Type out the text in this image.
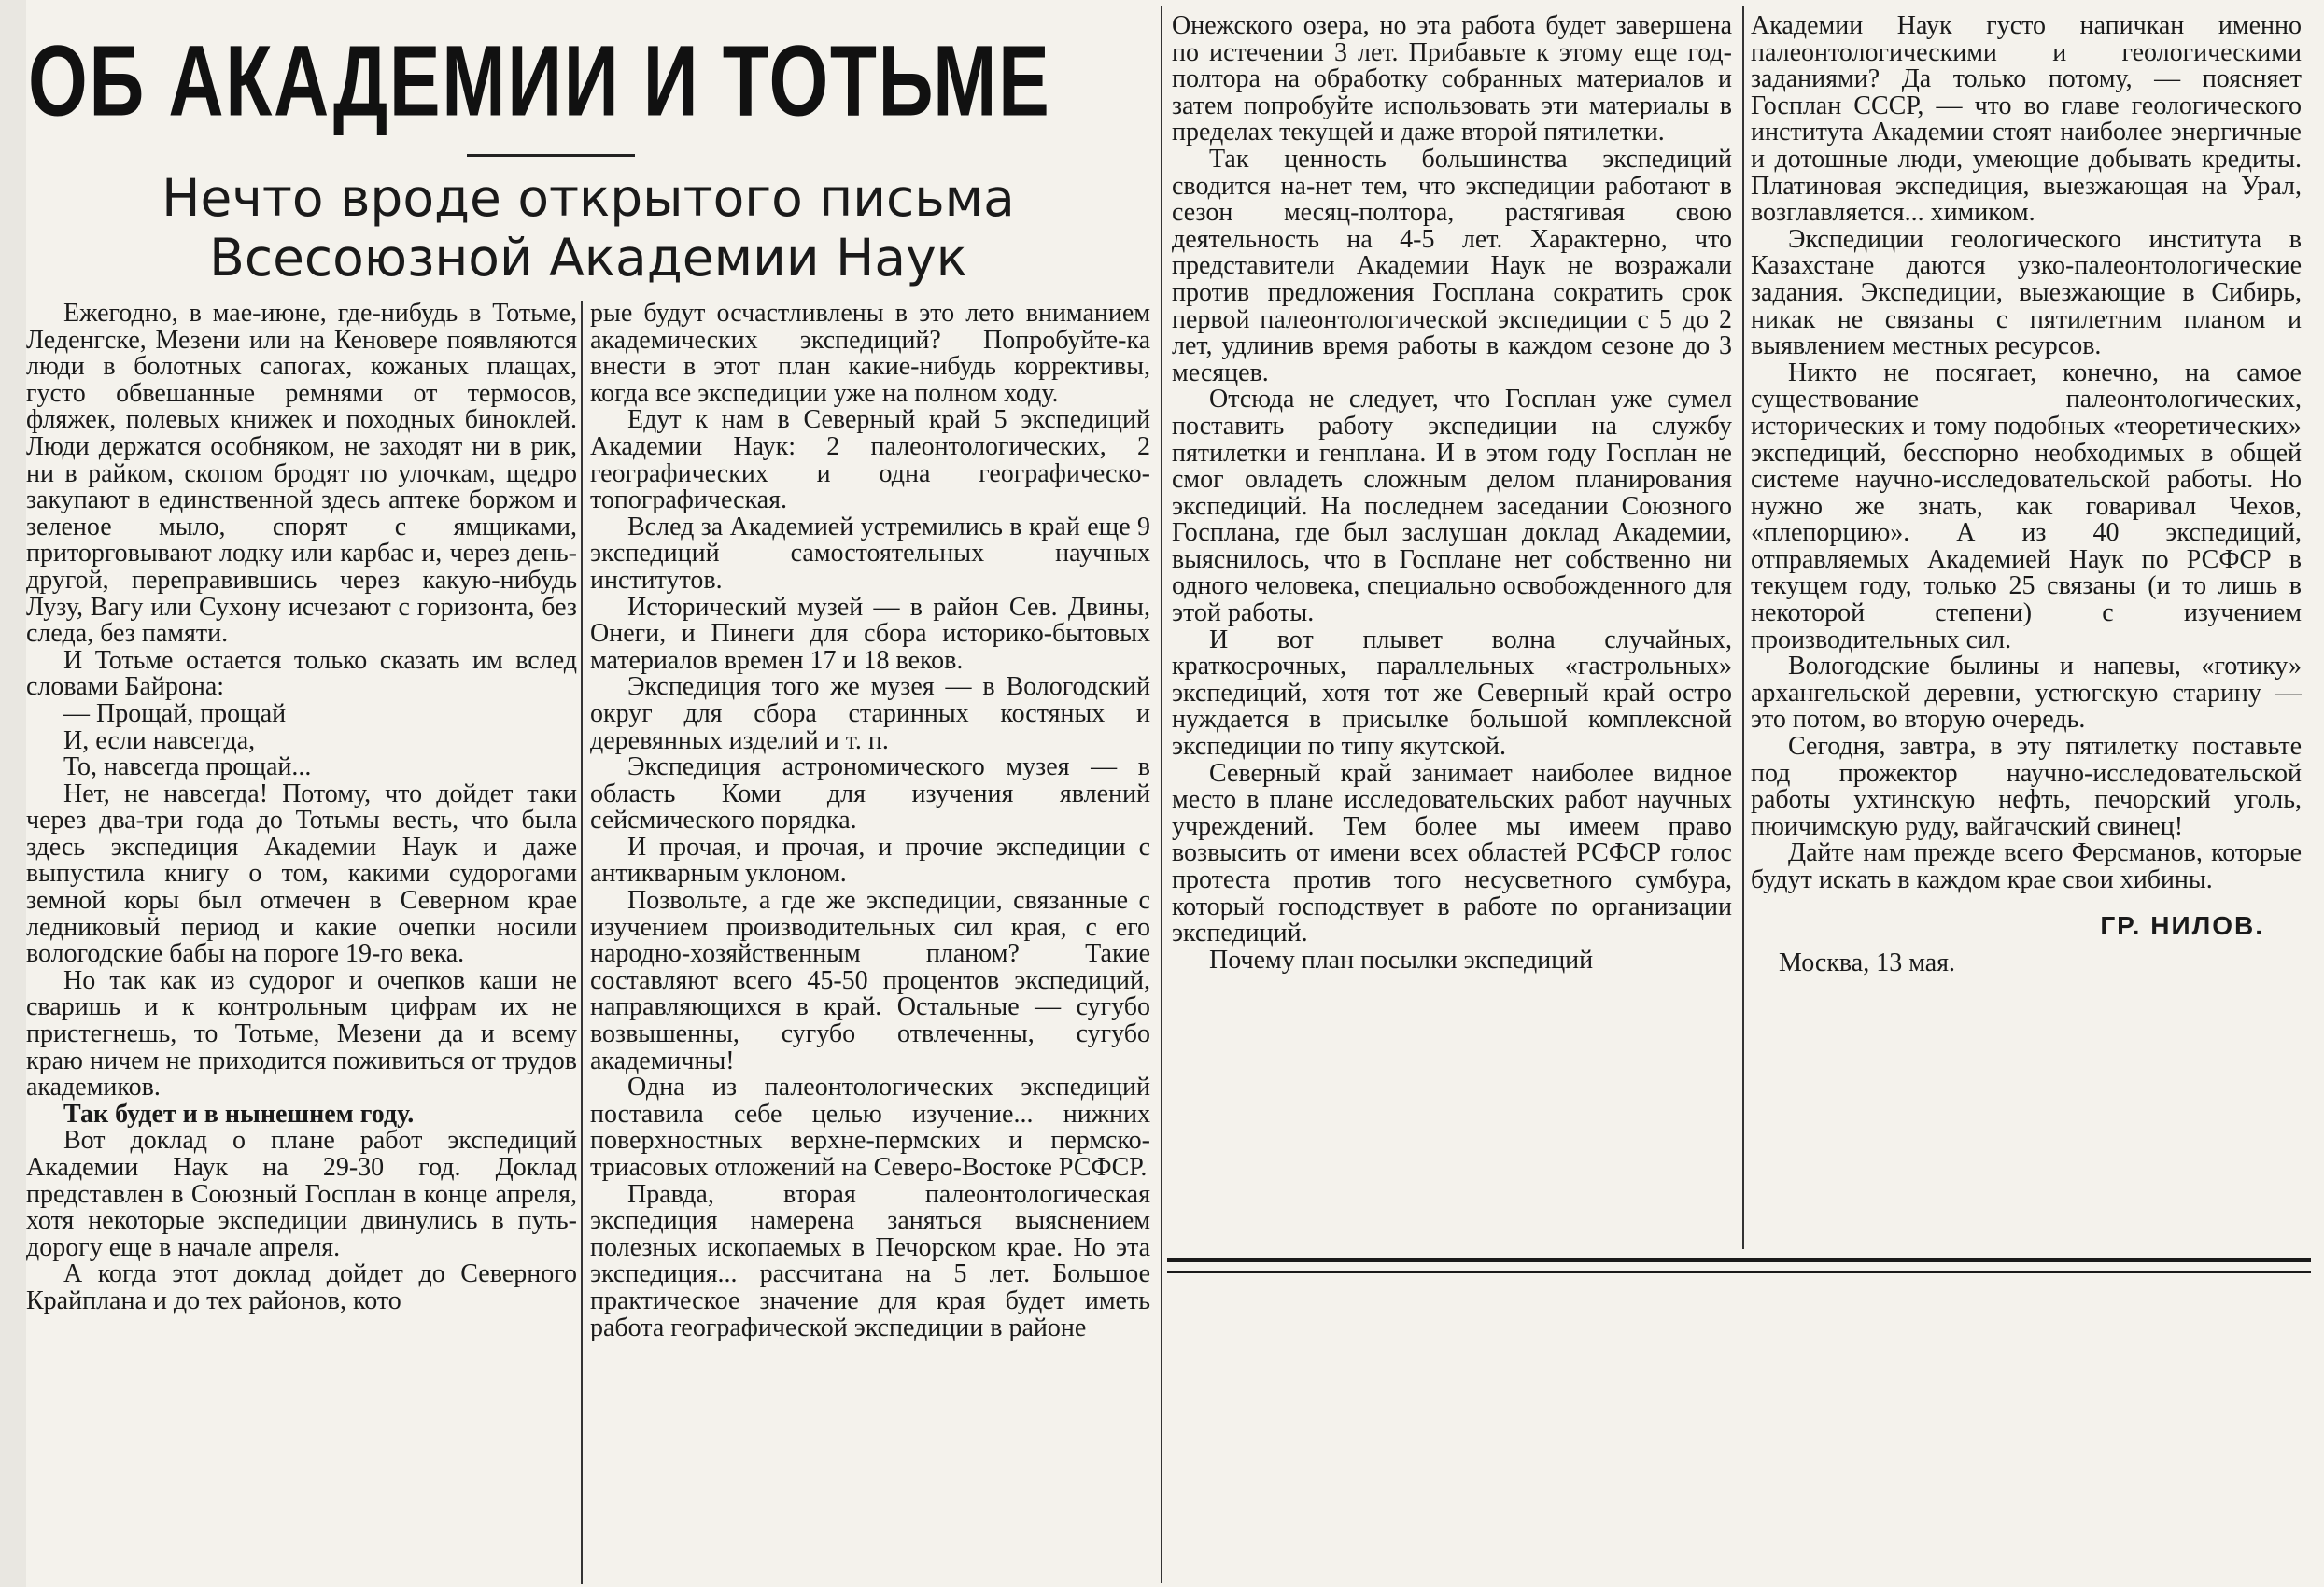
ОБ АКАДЕМИИ И ТОТЬМЕ
Нечто вроде открытого письма
Всесоюзной Академии Наук

Ежегодно, в мае-июне, где-нибудь в Тотьме, Леденгске, Мезени или на Кеновере появляются люди в болотных сапогах, кожаных плащах, густо обвешанные ремнями от термосов, фляжек, полевых книжек и походных биноклей. Люди держатся особняком, не заходят ни в рик, ни в райком, скопом бродят по улочкам, щедро закупают в единственной здесь аптеке боржом и зеленое мыло, спорят с ямщиками, приторговывают лодку или карбас и, через день-другой, переправившись через какую-нибудь Лузу, Вагу или Сухону исчезают с горизонта, без следа, без памяти.

И Тотьме остается только сказать им вслед словами Байрона:

— Прощай, прощай

И, если навсегда,

То, навсегда прощай...

Нет, не навсегда! Потому, что дойдет таки через два-три года до Тотьмы весть, что была здесь экспедиция Академии Наук и даже выпустила книгу о том, какими судорогами земной коры был отмечен в Северном крае ледниковый период и какие очепки носили вологодские бабы на пороге 19-го века.

Но так как из судорог и очепков каши не сваришь и к контрольным цифрам их не пристегнешь, то Тотьме, Мезени да и всему краю ничем не приходится поживиться от трудов академиков.

Так будет и в нынешнем году.

Вот доклад о плане работ экспедиций Академии Наук на 29-30 год. Доклад представлен в Союзный Госплан в конце апреля, хотя некоторые экспедиции двинулись в путь-дорогу еще в начале апреля.

А когда этот доклад дойдет до Северного Крайплана и до тех районов, кото

рые будут осчастливлены в это лето вниманием академических экспедиций? Попробуйте-ка внести в этот план какие-нибудь коррективы, когда все экспедиции уже на полном ходу.

Едут к нам в Северный край 5 экспедиций Академии Наук: 2 палеонтологических, 2 географических и одна географическо-топографическая.

Вслед за Академией устремились в край еще 9 экспедиций самостоятельных научных институтов.

Исторический музей — в район Сев. Двины, Онеги, и Пинеги для сбора историко-бытовых материалов времен 17 и 18 веков.

Экспедиция того же музея — в Вологодский округ для сбора старинных костяных и деревянных изделий и т. п.

Экспедиция астрономического музея — в область Коми для изучения явлений сейсмического порядка.

И прочая, и прочая, и прочие экспедиции с антикварным уклоном.

Позвольте, а где же экспедиции, связанные с изучением производительных сил края, с его народно-хозяйственным планом? Такие составляют всего 45-50 процентов экспедиций, направляющихся в край. Остальные — сугубо возвышенны, сугубо отвлеченны, сугубо академичны!

Одна из палеонтологических экспедиций поставила себе целью изучение... нижних поверхностных верхне-пермских и пермско-триасовых отложений на Северо-Востоке РСФСР.

Правда, вторая палеонтологическая экспедиция намерена заняться выяснением полезных ископаемых в Печорском крае. Но эта экспедиция... рассчитана на 5 лет. Большое практическое значение для края будет иметь работа географической экспедиции в районе

Онежского озера, но эта работа будет завершена по истечении 3 лет. Прибавьте к этому еще год-полтора на обработку собранных материалов и затем попробуйте использовать эти материалы в пределах текущей и даже второй пятилетки.

Так ценность большинства экспедиций сводится на-нет тем, что экспедиции работают в сезон месяц-полтора, растягивая свою деятельность на 4-5 лет. Характерно, что представители Академии Наук не возражали против предложения Госплана сократить срок первой палеонтологической экспедиции с 5 до 2 лет, удлинив время работы в каждом сезоне до 3 месяцев.

Отсюда не следует, что Госплан уже сумел поставить работу экспедиции на службу пятилетки и генплана. И в этом году Госплан не смог овладеть сложным делом планирования экспедиций. На последнем заседании Союзного Госплана, где был заслушан доклад Академии, выяснилось, что в Госплане нет собственно ни одного человека, специально освобожденного для этой работы.

И вот плывет волна случайных, краткосрочных, параллельных «гастрольных» экспедиций, хотя тот же Северный край остро нуждается в присылке большой комплексной экспедиции по типу якутской.

Северный край занимает наиболее видное место в плане исследовательских работ научных учреждений. Тем более мы имеем право возвысить от имени всех областей РСФСР голос протеста против того несусветного сумбура, который господствует в работе по организации экспедиций.

Почему план посылки экспедиций

Академии Наук густо напичкан именно палеонтологическими и геологическими заданиями? Да только потому, — поясняет Госплан СССР, — что во главе геологического института Академии стоят наиболее энергичные и дотошные люди, умеющие добывать кредиты. Платиновая экспедиция, выезжающая на Урал, возглавляется... химиком.

Экспедиции геологического института в Казахстане даются узко-палеонтологические задания. Экспедиции, выезжающие в Сибирь, никак не связаны с пятилетним планом и выявлением местных ресурсов.

Никто не посягает, конечно, на самое существование палеонтологических, исторических и тому подобных «теоретических» экспедиций, бесспорно необходимых в общей системе научно-исследовательской работы. Но нужно же знать, как говаривал Чехов, «плепорцию». А из 40 экспедиций, отправляемых Академией Наук по РСФСР в текущем году, только 25 связаны (и то лишь в некоторой степени) с изучением производительных сил.

Вологодские былины и напевы, «готику» архангельской деревни, устюгскую старину — это потом, во вторую очередь.

Сегодня, завтра, в эту пятилетку поставьте под прожектор научно-исследовательской работы ухтинскую нефть, печорский уголь, пюичимскую руду, вайгачский свинец!

Дайте нам прежде всего Ферсманов, которые будут искать в каждом крае свои хибины.

ГР. НИЛОВ.

Москва, 13 мая.
